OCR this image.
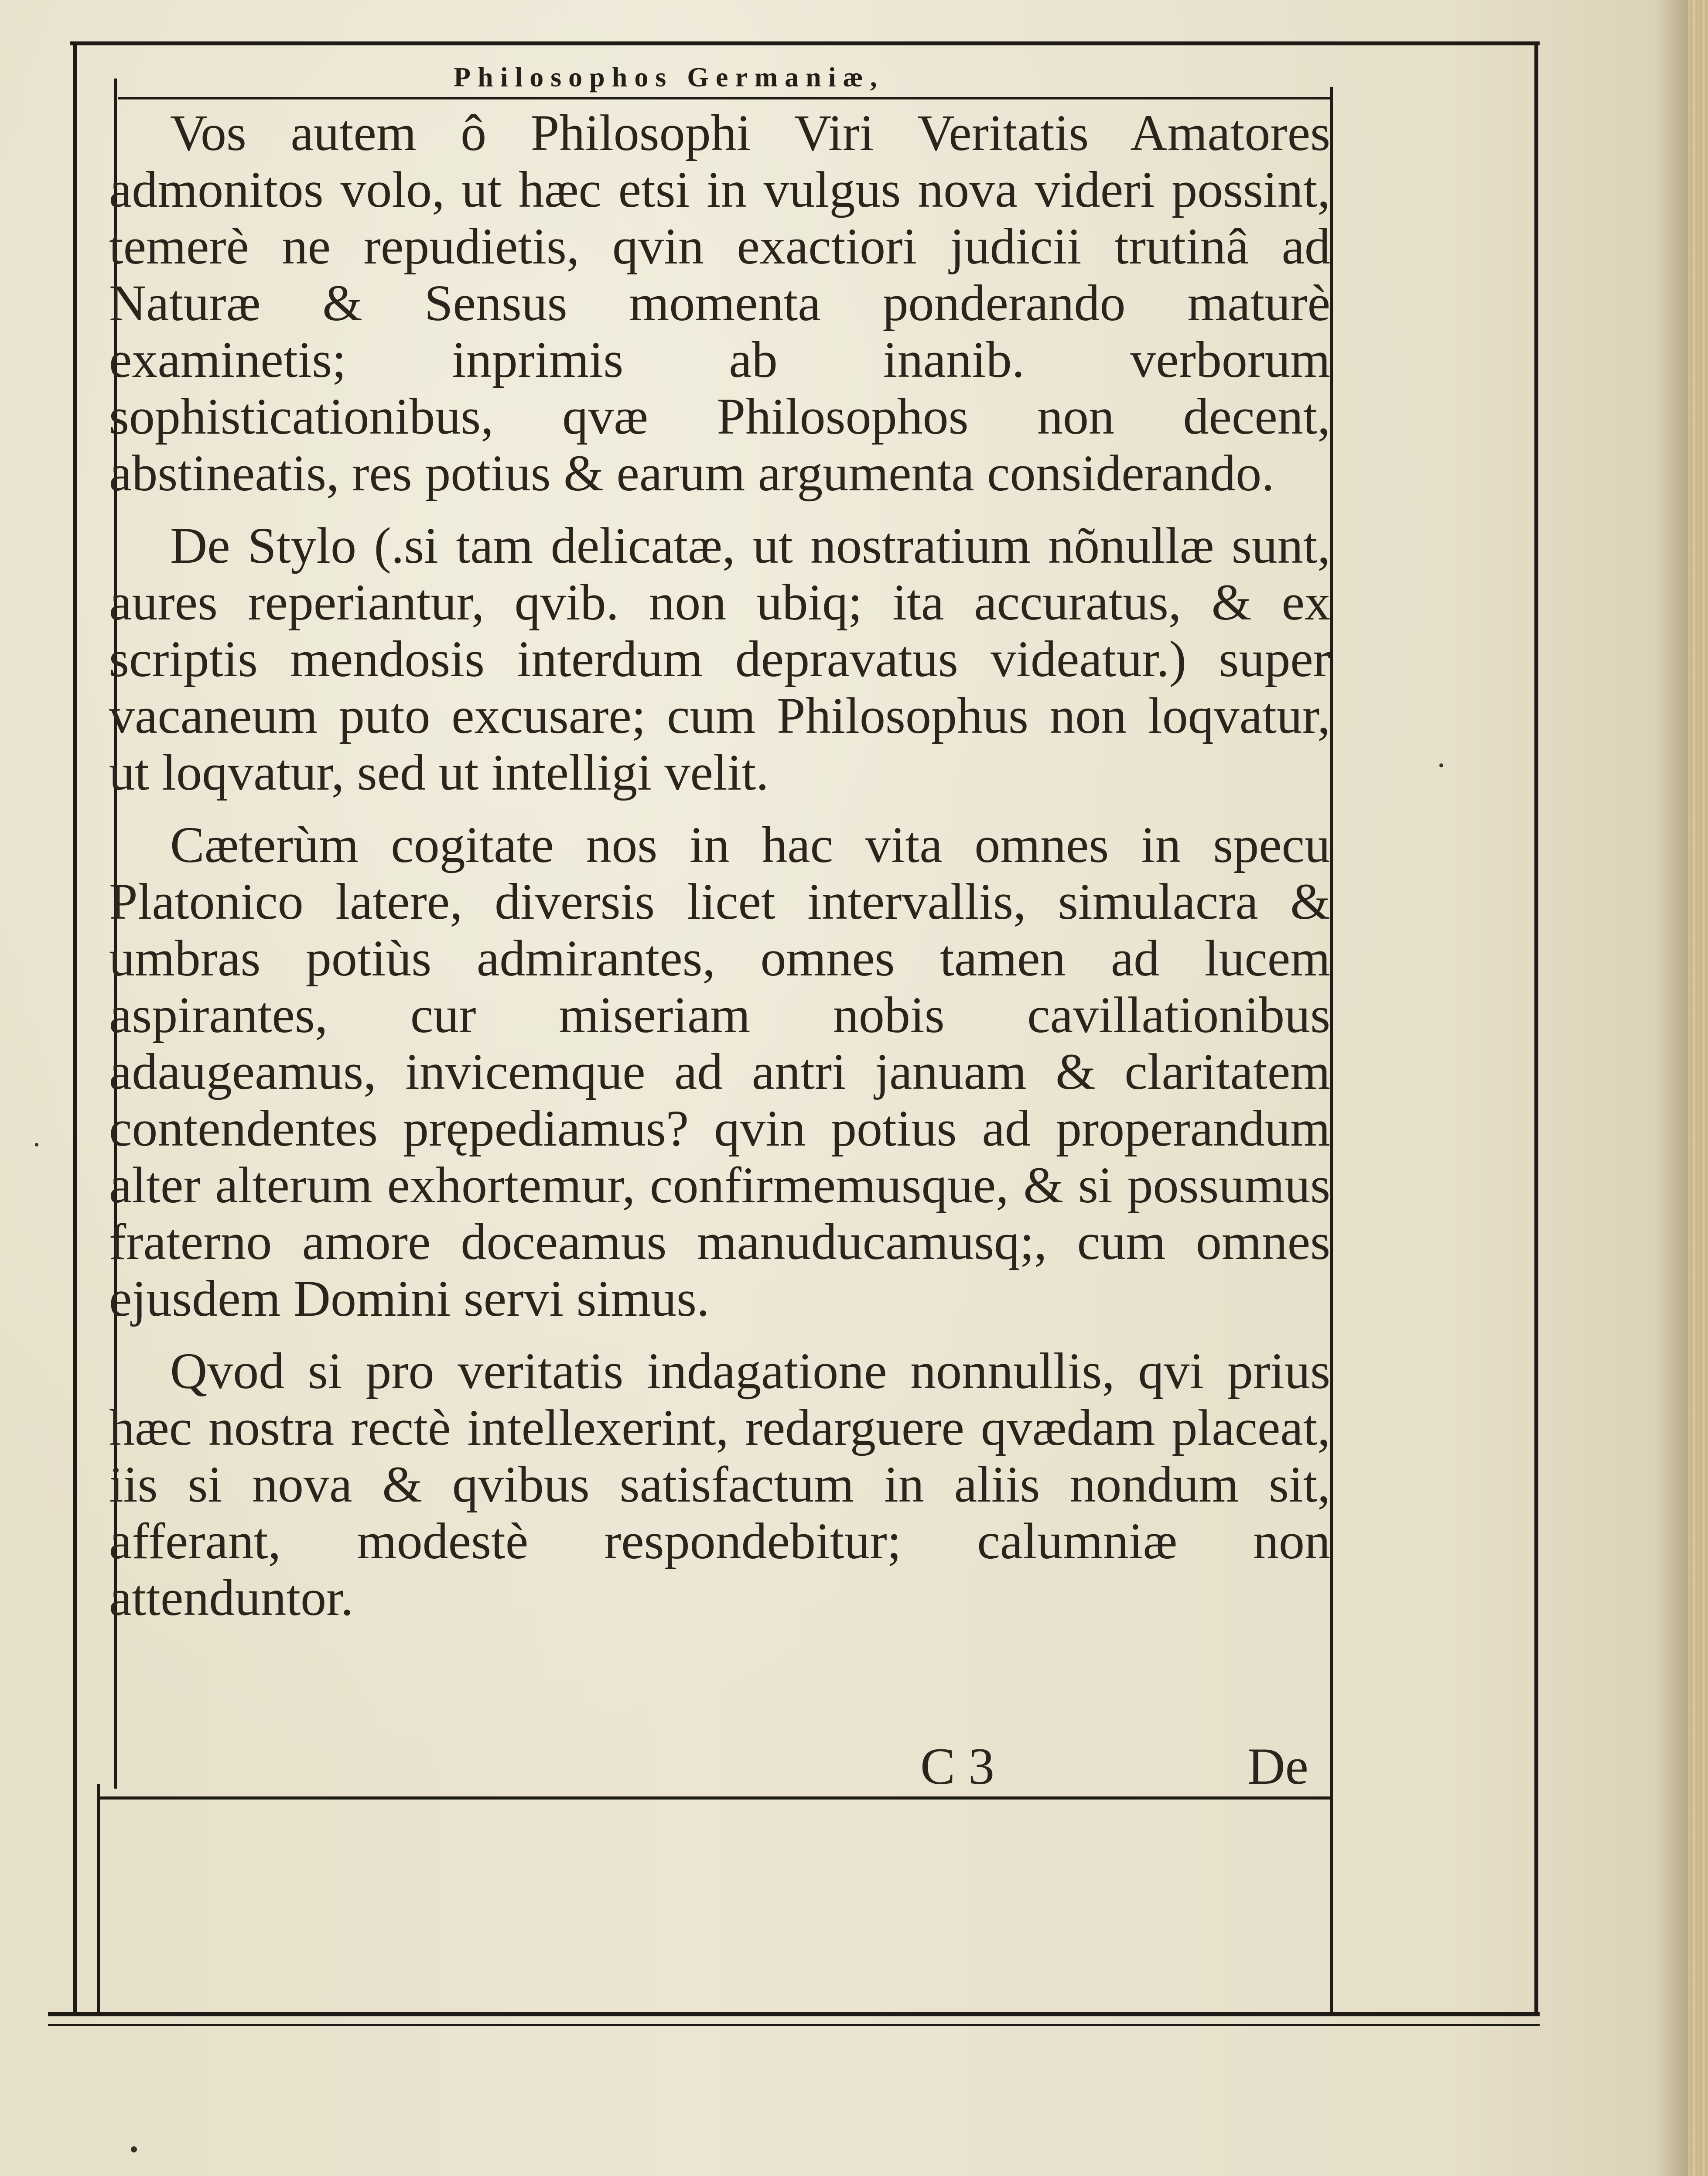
Philosophos Germaniæ,

Vos autem ô Philosophi Viri Veritatis Amatores admonitos volo, ut hæc etsi in vulgus nova videri possint, temerè ne repudietis, qvin exactiori judicii trutinâ ad Naturæ & Sensus momenta ponderando maturè examinetis; inprimis ab inanib. verborum sophisticationibus, qvæ Philosophos non decent, abstineatis, res potius & earum argumenta considerando.

De Stylo (.si tam delicatæ, ut nostratium nõnullæ sunt, aures reperiantur, qvib. non ubiq; ita accuratus, & ex scriptis mendosis interdum depravatus videatur.) super vacaneum puto excusare; cum Philosophus non loqvatur, ut loqvatur, sed ut intelligi velit.

Cæterùm cogitate nos in hac vita omnes in specu Platonico latere, diversis licet intervallis, simulacra & umbras potiùs admirantes, omnes tamen ad lucem aspirantes, cur miseriam nobis cavillationibus adaugeamus, invicemque ad antri januam & claritatem contendentes prępediamus? qvin potius ad properandum alter alterum exhortemur, confirmemusque, & si possumus fraterno amore doceamus manuducamusq;, cum omnes ejusdem Domini servi simus.

Qvod si pro veritatis indagatione nonnullis, qvi prius hæc nostra rectè intellexerint, redarguere qvædam placeat, iis si nova & qvibus satisfactum in aliis nondum sit, afferant, modestè respondebitur; calumniæ non attenduntor.

C 3	De
